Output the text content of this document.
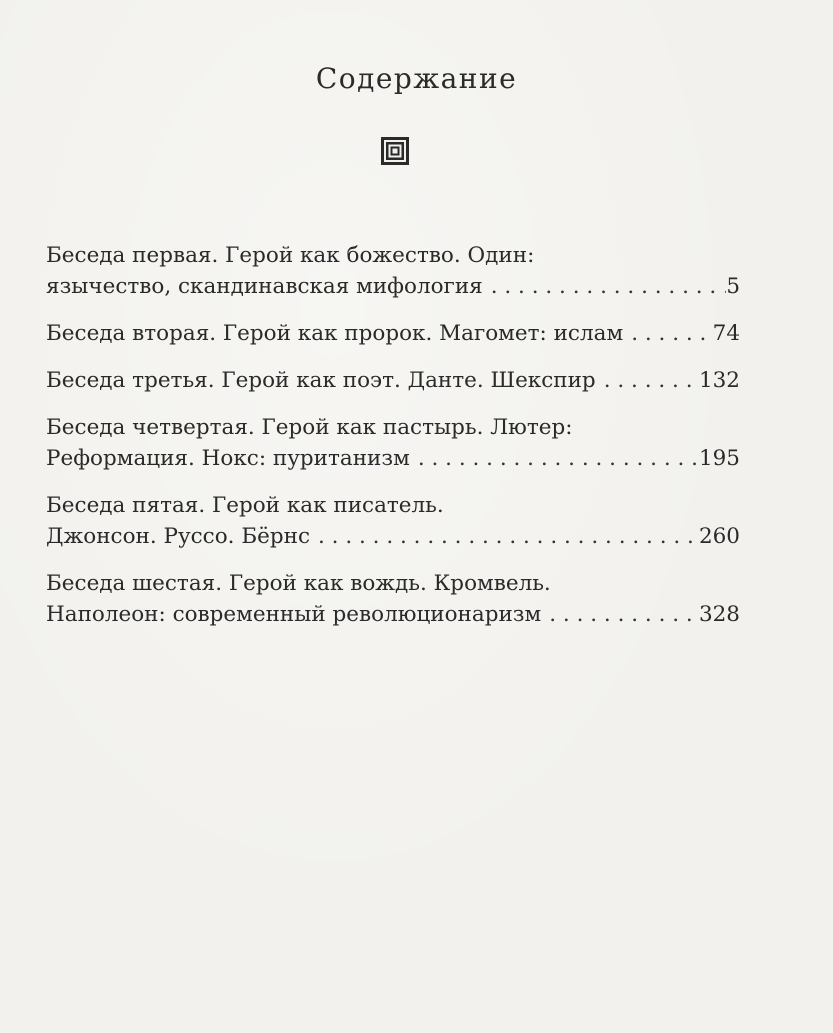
Содержание
Беседа первая. Герой как божество. Один:
язычество, скандинавская мифология . . .	5
Беседа вторая. Герой как пророк. Магомет: ислам . . .	74
Беседа третья. Герой как поэт. Данте. Шекспир . . .	132
Беседа четвертая. Герой как пастырь. Лютер:
Реформация. Нокс: пуританизм . . .	195
Беседа пятая. Герой как писатель.
Джонсон. Руссо. Бёрнс . . .	260
Беседа шестая. Герой как вождь. Кромвель.
Наполеон: современный революционаризм . . .	328
